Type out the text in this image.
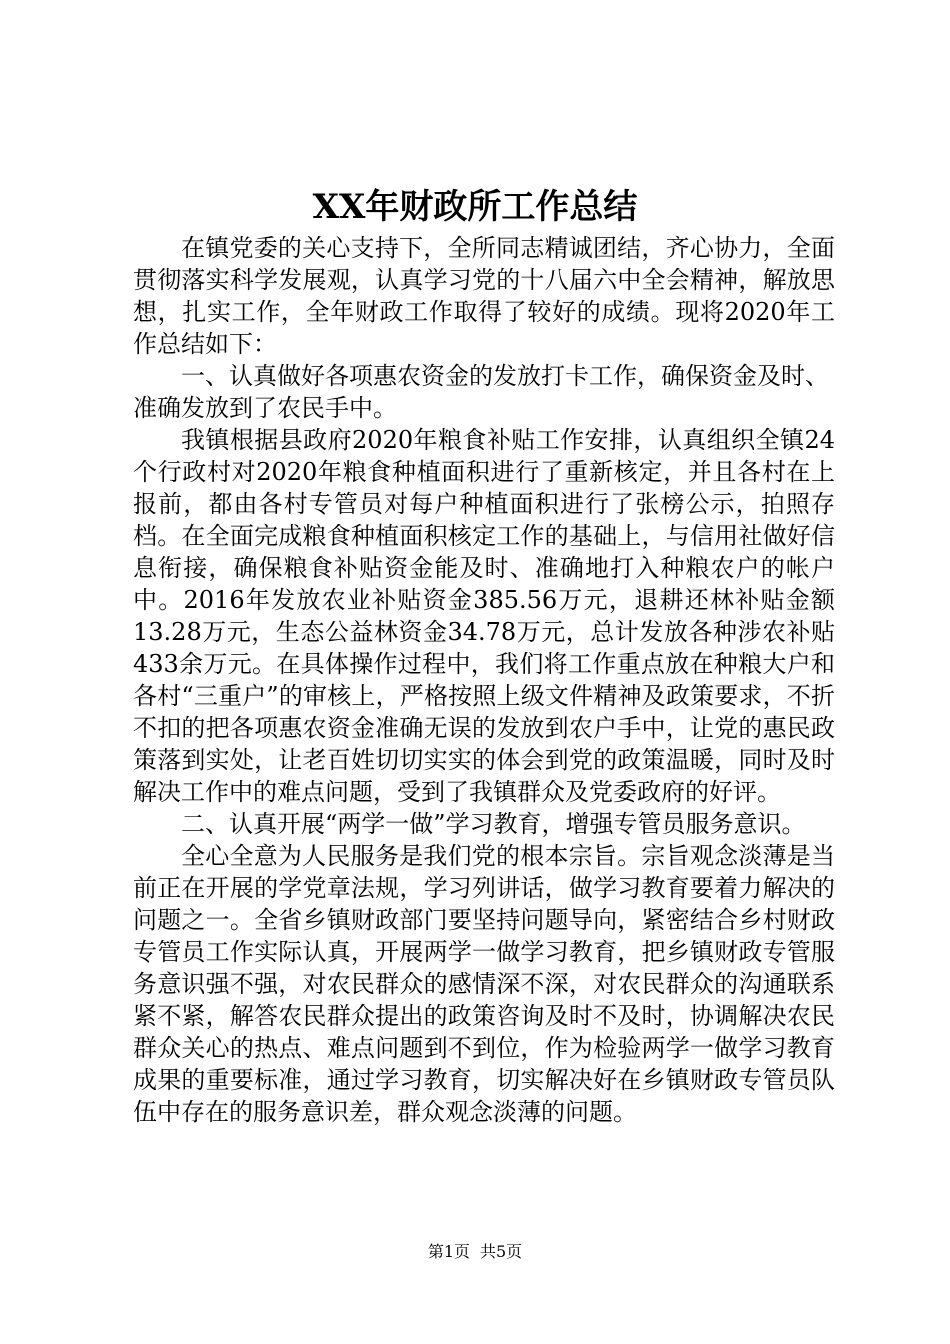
XX年财政所工作总结

在镇党委的关心支持下，全所同志精诚团结，齐心协力，全面贯彻落实科学发展观，认真学习党的十八届六中全会精神，解放思想，扎实工作，全年财政工作取得了较好的成绩。现将2020年工作总结如下：

一、认真做好各项惠农资金的发放打卡工作，确保资金及时、准确发放到了农民手中。

我镇根据县政府2020年粮食补贴工作安排，认真组织全镇24个行政村对2020年粮食种植面积进行了重新核定，并且各村在上报前，都由各村专管员对每户种植面积进行了张榜公示，拍照存档。在全面完成粮食种植面积核定工作的基础上，与信用社做好信息衔接，确保粮食补贴资金能及时、准确地打入种粮农户的帐户中。2016年发放农业补贴资金385.56万元，退耕还林补贴金额13.28万元，生态公益林资金34.78万元，总计发放各种涉农补贴433余万元。在具体操作过程中，我们将工作重点放在种粮大户和各村“三重户”的审核上，严格按照上级文件精神及政策要求，不折不扣的把各项惠农资金准确无误的发放到农户手中，让党的惠民政策落到实处，让老百姓切切实实的体会到党的政策温暖，同时及时解决工作中的难点问题，受到了我镇群众及党委政府的好评。

二、认真开展“两学一做”学习教育，增强专管员服务意识。

全心全意为人民服务是我们党的根本宗旨。宗旨观念淡薄是当前正在开展的学党章法规，学习列讲话，做学习教育要着力解决的问题之一。全省乡镇财政部门要坚持问题导向，紧密结合乡村财政专管员工作实际认真，开展两学一做学习教育，把乡镇财政专管服务意识强不强，对农民群众的感情深不深，对农民群众的沟通联系紧不紧，解答农民群众提出的政策咨询及时不及时，协调解决农民群众关心的热点、难点问题到不到位，作为检验两学一做学习教育成果的重要标准，通过学习教育，切实解决好在乡镇财政专管员队伍中存在的服务意识差，群众观念淡薄的问题。

第1页 共5页
